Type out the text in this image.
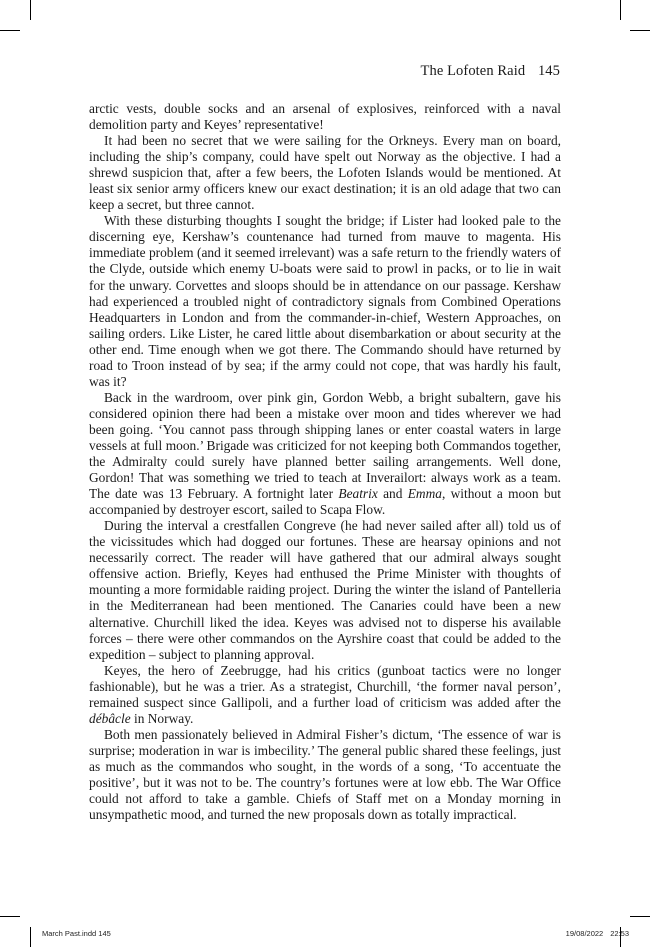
The Lofoten Raid 145

arctic vests, double socks and an arsenal of explosives, reinforced with a naval demolition party and Keyes’ representative!

It had been no secret that we were sailing for the Orkneys. Every man on board, including the ship’s company, could have spelt out Norway as the objective. I had a shrewd suspicion that, after a few beers, the Lofoten Islands would be mentioned. At least six senior army officers knew our exact destination; it is an old adage that two can keep a secret, but three cannot.

With these disturbing thoughts I sought the bridge; if Lister had looked pale to the discerning eye, Kershaw’s countenance had turned from mauve to magenta. His immediate problem (and it seemed irrelevant) was a safe return to the friendly waters of the Clyde, outside which enemy U-boats were said to prowl in packs, or to lie in wait for the unwary. Corvettes and sloops should be in attendance on our passage. Kershaw had experienced a troubled night of contradictory signals from Combined Operations Headquarters in London and from the commander-in-chief, Western Approaches, on sailing orders. Like Lister, he cared little about disembarkation or about security at the other end. Time enough when we got there. The Commando should have returned by road to Troon instead of by sea; if the army could not cope, that was hardly his fault, was it?

Back in the wardroom, over pink gin, Gordon Webb, a bright subaltern, gave his considered opinion there had been a mistake over moon and tides wherever we had been going. ‘You cannot pass through shipping lanes or enter coastal waters in large vessels at full moon.’ Brigade was criticized for not keeping both Commandos together, the Admiralty could surely have planned better sailing arrangements. Well done, Gordon! That was something we tried to teach at Inverailort: always work as a team. The date was 13 February. A fortnight later Beatrix and Emma, without a moon but accompanied by destroyer escort, sailed to Scapa Flow.

During the interval a crestfallen Congreve (he had never sailed after all) told us of the vicissitudes which had dogged our fortunes. These are hearsay opinions and not necessarily correct. The reader will have gathered that our admiral always sought offensive action. Briefly, Keyes had enthused the Prime Minister with thoughts of mounting a more formidable raiding project. During the winter the island of Pantelleria in the Mediterranean had been mentioned. The Canaries could have been a new alternative. Churchill liked the idea. Keyes was advised not to disperse his available forces – there were other commandos on the Ayrshire coast that could be added to the expedition – subject to planning approval.

Keyes, the hero of Zeebrugge, had his critics (gunboat tactics were no longer fashionable), but he was a trier. As a strategist, Churchill, ‘the former naval person’, remained suspect since Gallipoli, and a further load of criticism was added after the débâcle in Norway.

Both men passionately believed in Admiral Fisher’s dictum, ‘The essence of war is surprise; moderation in war is imbecility.’ The general public shared these feelings, just as much as the commandos who sought, in the words of a song, ‘To accentuate the positive’, but it was not to be. The country’s fortunes were at low ebb. The War Office could not afford to take a gamble. Chiefs of Staff met on a Monday morning in unsympathetic mood, and turned the new proposals down as totally impractical.

March Past.indd 145	19/08/2022 22:53
